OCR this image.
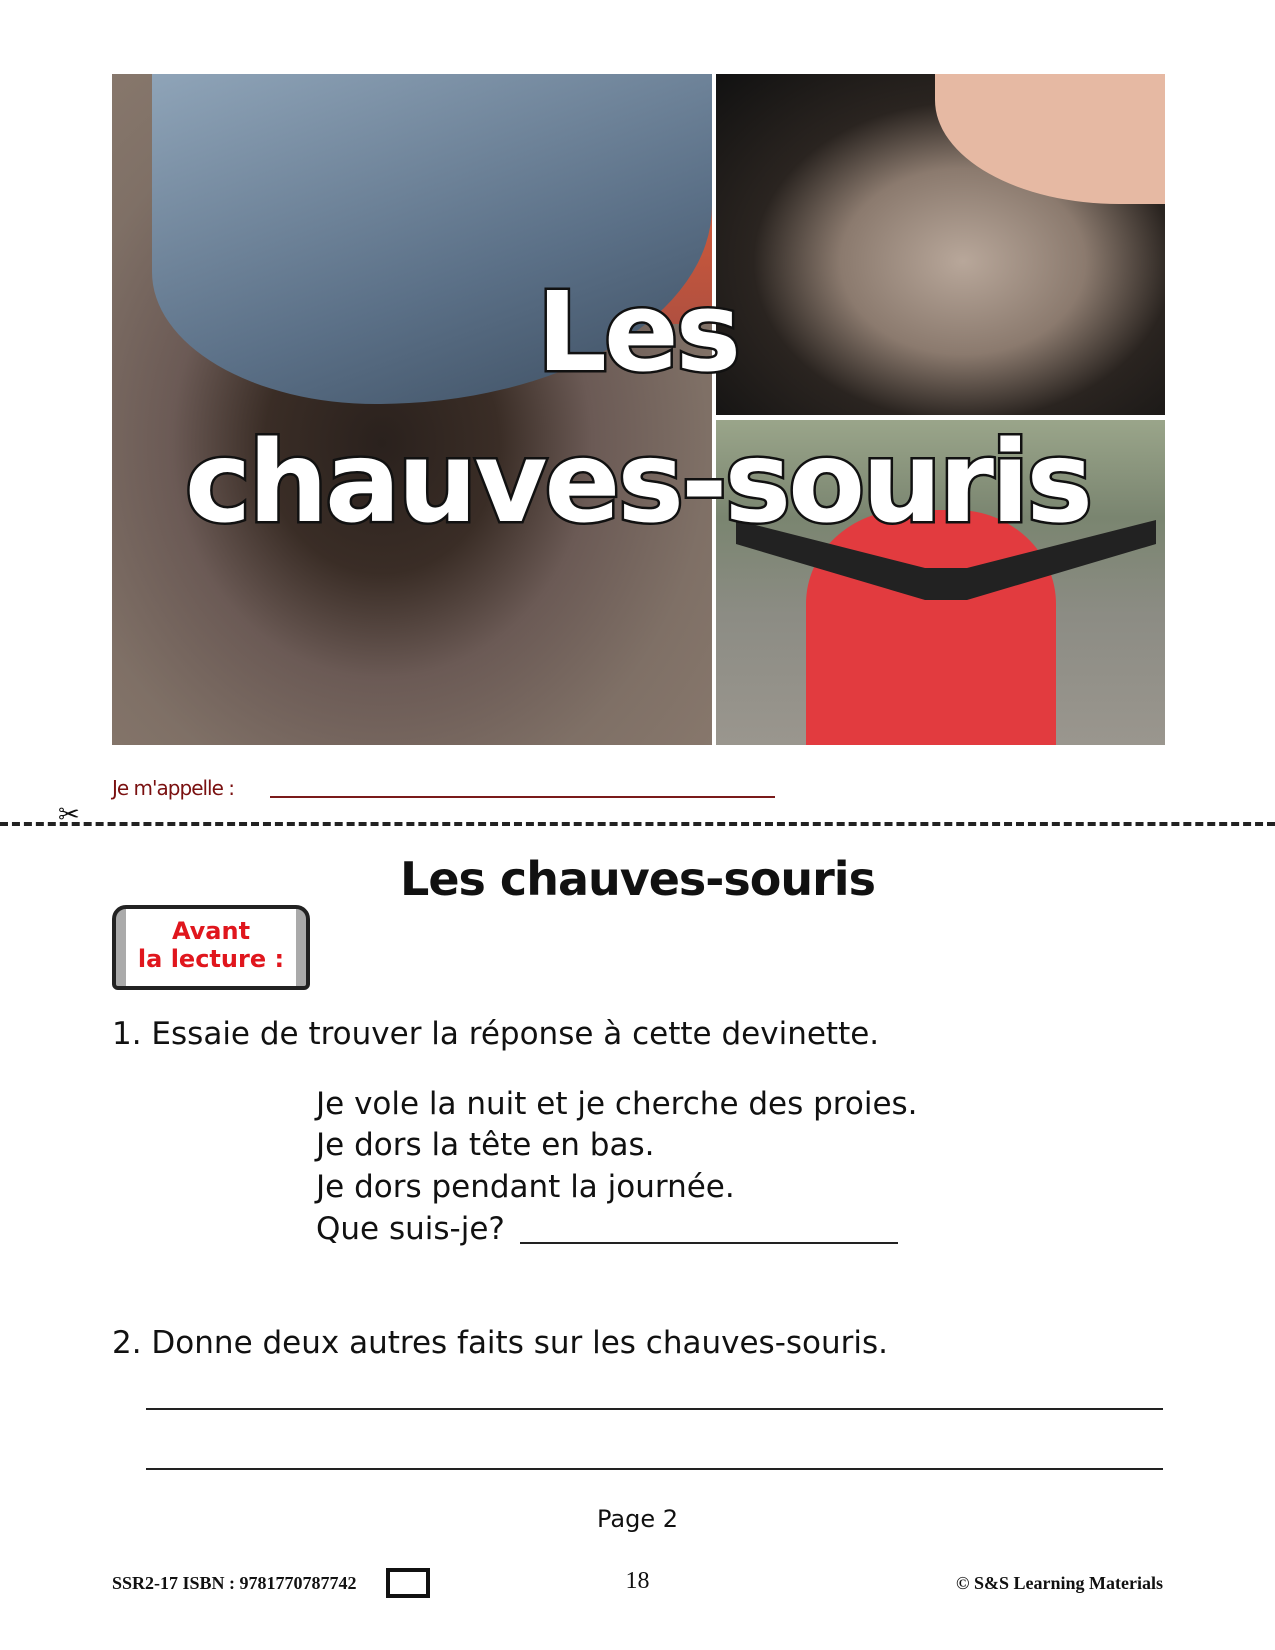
Les
chauves-souris
Je m'appelle :
✂
Les chauves-souris
Avant
la lecture :
1. Essaie de trouver la réponse à cette devinette.
Je vole la nuit et je cherche des proies.
Je dors la tête en bas.
Je dors pendant la journée.
Que suis-je?
2. Donne deux autres faits sur les chauves-souris.
Page 2
SSR2-17 ISBN : 9781770787742	18	© S&S Learning Materials
